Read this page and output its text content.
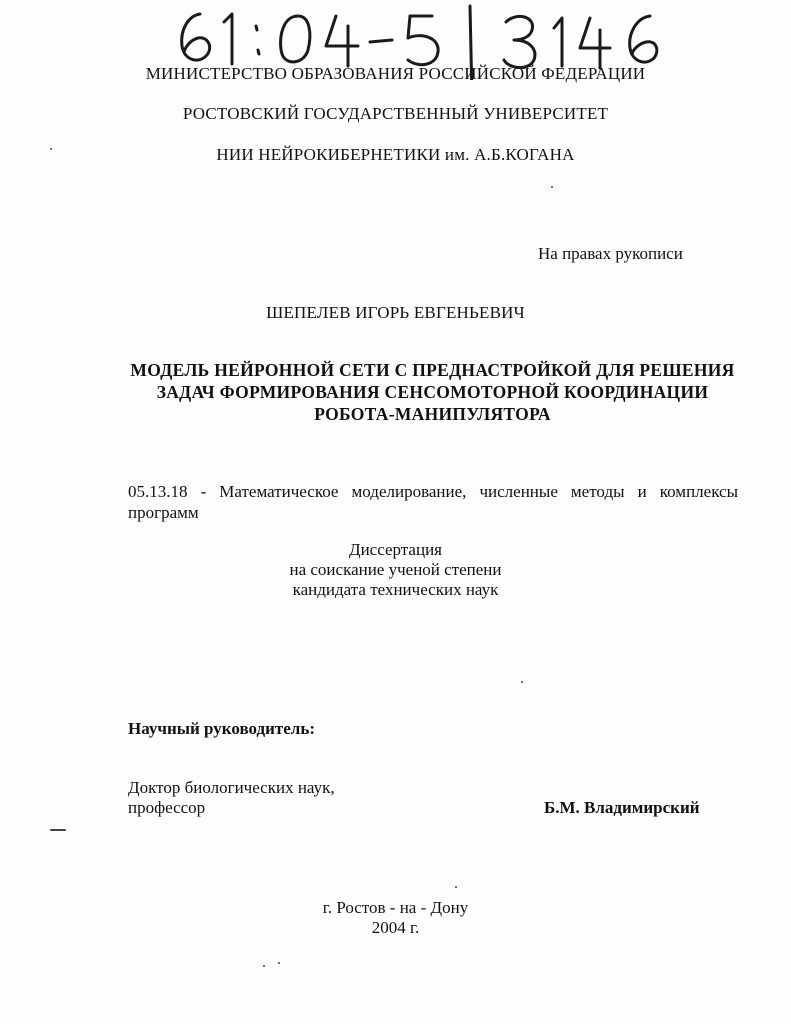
МИНИСТЕРСТВО ОБРАЗОВАНИЯ РОССИЙСКОЙ ФЕДЕРАЦИИ
РОСТОВСКИЙ ГОСУДАРСТВЕННЫЙ УНИВЕРСИТЕТ
НИИ НЕЙРОКИБЕРНЕТИКИ им. А.Б.КОГАНА
На правах рукописи
ШЕПЕЛЕВ ИГОРЬ ЕВГЕНЬЕВИЧ
МОДЕЛЬ НЕЙРОННОЙ СЕТИ С ПРЕДНАСТРОЙКОЙ ДЛЯ РЕШЕНИЯ
ЗАДАЧ ФОРМИРОВАНИЯ СЕНСОМОТОРНОЙ КООРДИНАЦИИ
РОБОТА-МАНИПУЛЯТОРА
05.13.18 - Математическое моделирование, численные методы и комплексы программ
Диссертация
на соискание ученой степени
кандидата технических наук
Научный руководитель:
Доктор биологических наук,
профессор	Б.М. Владимирский
г. Ростов - на - Дону
2004 г.
